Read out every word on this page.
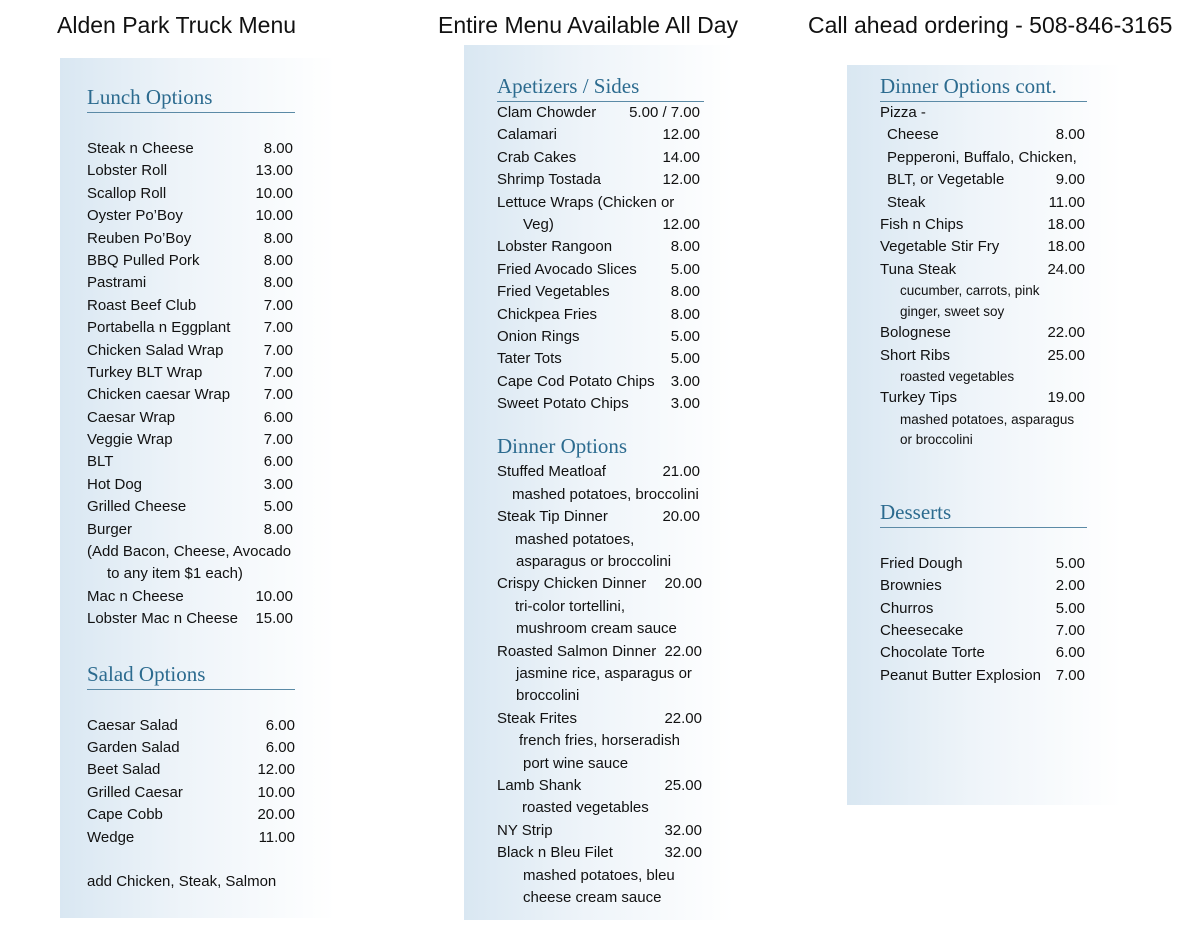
Alden Park Truck Menu	Entire Menu Available All Day	Call ahead ordering - 508-846-3165
Lunch Options
Steak n Cheese	8.00
Lobster Roll	13.00
Scallop Roll	10.00
Oyster Po’Boy	10.00
Reuben Po’Boy	8.00
BBQ Pulled Pork	8.00
Pastrami	8.00
Roast Beef Club	7.00
Portabella n Eggplant 7.00
Chicken Salad Wrap	7.00
Turkey BLT Wrap	7.00
Chicken caesar Wrap 7.00
Caesar Wrap	6.00
Veggie Wrap	7.00
BLT	6.00
Hot Dog	3.00
Grilled Cheese	5.00
Burger	8.00
(Add Bacon, Cheese, Avocado
to any item $1 each)
Mac n Cheese	10.00
Lobster Mac n Cheese 15.00
Salad Options
Caesar Salad	6.00
Garden Salad	6.00
Beet Salad	12.00
Grilled Caesar	10.00
Cape Cobb	20.00
Wedge	11.00
add Chicken, Steak, Salmon
Apetizers / Sides
Clam Chowder 5.00 / 7.00
Calamari	12.00
Crab Cakes	14.00
Shrimp Tostada	12.00
Lettuce Wraps (Chicken or
Veg)	12.00
Lobster Rangoon	8.00
Fried Avocado Slices 5.00
Fried Vegetables	8.00
Chickpea Fries	8.00
Onion Rings	5.00
Tater Tots	5.00
Cape Cod Potato Chips 3.00
Sweet Potato Chips	3.00
Dinner Options
Stuffed Meatloaf	21.00
mashed potatoes, broccolini
Steak Tip Dinner	20.00
mashed potatoes,
asparagus or broccolini
Crispy Chicken Dinner 20.00
tri-color tortellini,
mushroom cream sauce
Roasted Salmon Dinner 22.00
jasmine rice, asparagus or
broccolini
Steak Frites	22.00
french fries, horseradish
port wine sauce
Lamb Shank	25.00
roasted vegetables
NY Strip	32.00
Black n Bleu Filet	32.00
mashed potatoes, bleu
cheese cream sauce
Dinner Options cont.
Pizza -
Cheese	8.00
Pepperoni, Buffalo, Chicken,
BLT, or Vegetable	9.00
Steak	11.00
Fish n Chips	18.00
Vegetable Stir Fry	18.00
Tuna Steak	24.00
cucumber, carrots, pink
ginger, sweet soy
Bolognese	22.00
Short Ribs	25.00
roasted vegetables
Turkey Tips	19.00
mashed potatoes, asparagus
or broccolini
Desserts
Fried Dough	5.00
Brownies	2.00
Churros	5.00
Cheesecake	7.00
Chocolate Torte	6.00
Peanut Butter Explosion 7.00
